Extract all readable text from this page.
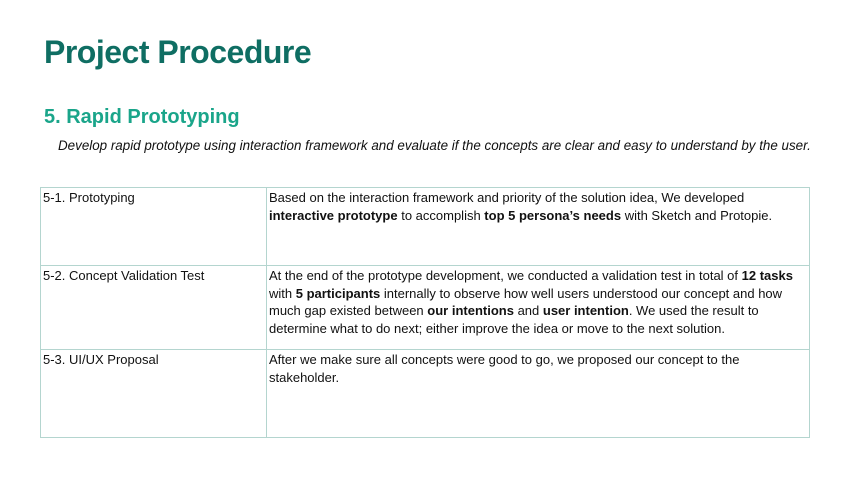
Project Procedure
5. Rapid Prototyping

Develop rapid prototype using interaction framework and evaluate if the concepts are clear and easy to understand by the user.

5-1. Prototyping	Based on the interaction framework and priority of the solution idea, We developed interactive prototype to accomplish top 5 persona’s needs with Sketch and Protopie.
5-2. Concept Validation Test	At the end of the prototype development, we conducted a validation test in total of 12 tasks with 5 participants internally to observe how well users understood our concept and how much gap existed between our intentions and user intention. We used the result to determine what to do next; either improve the idea or move to the next solution.
5-3. UI/UX Proposal	After we make sure all concepts were good to go, we proposed our concept to the stakeholder.
